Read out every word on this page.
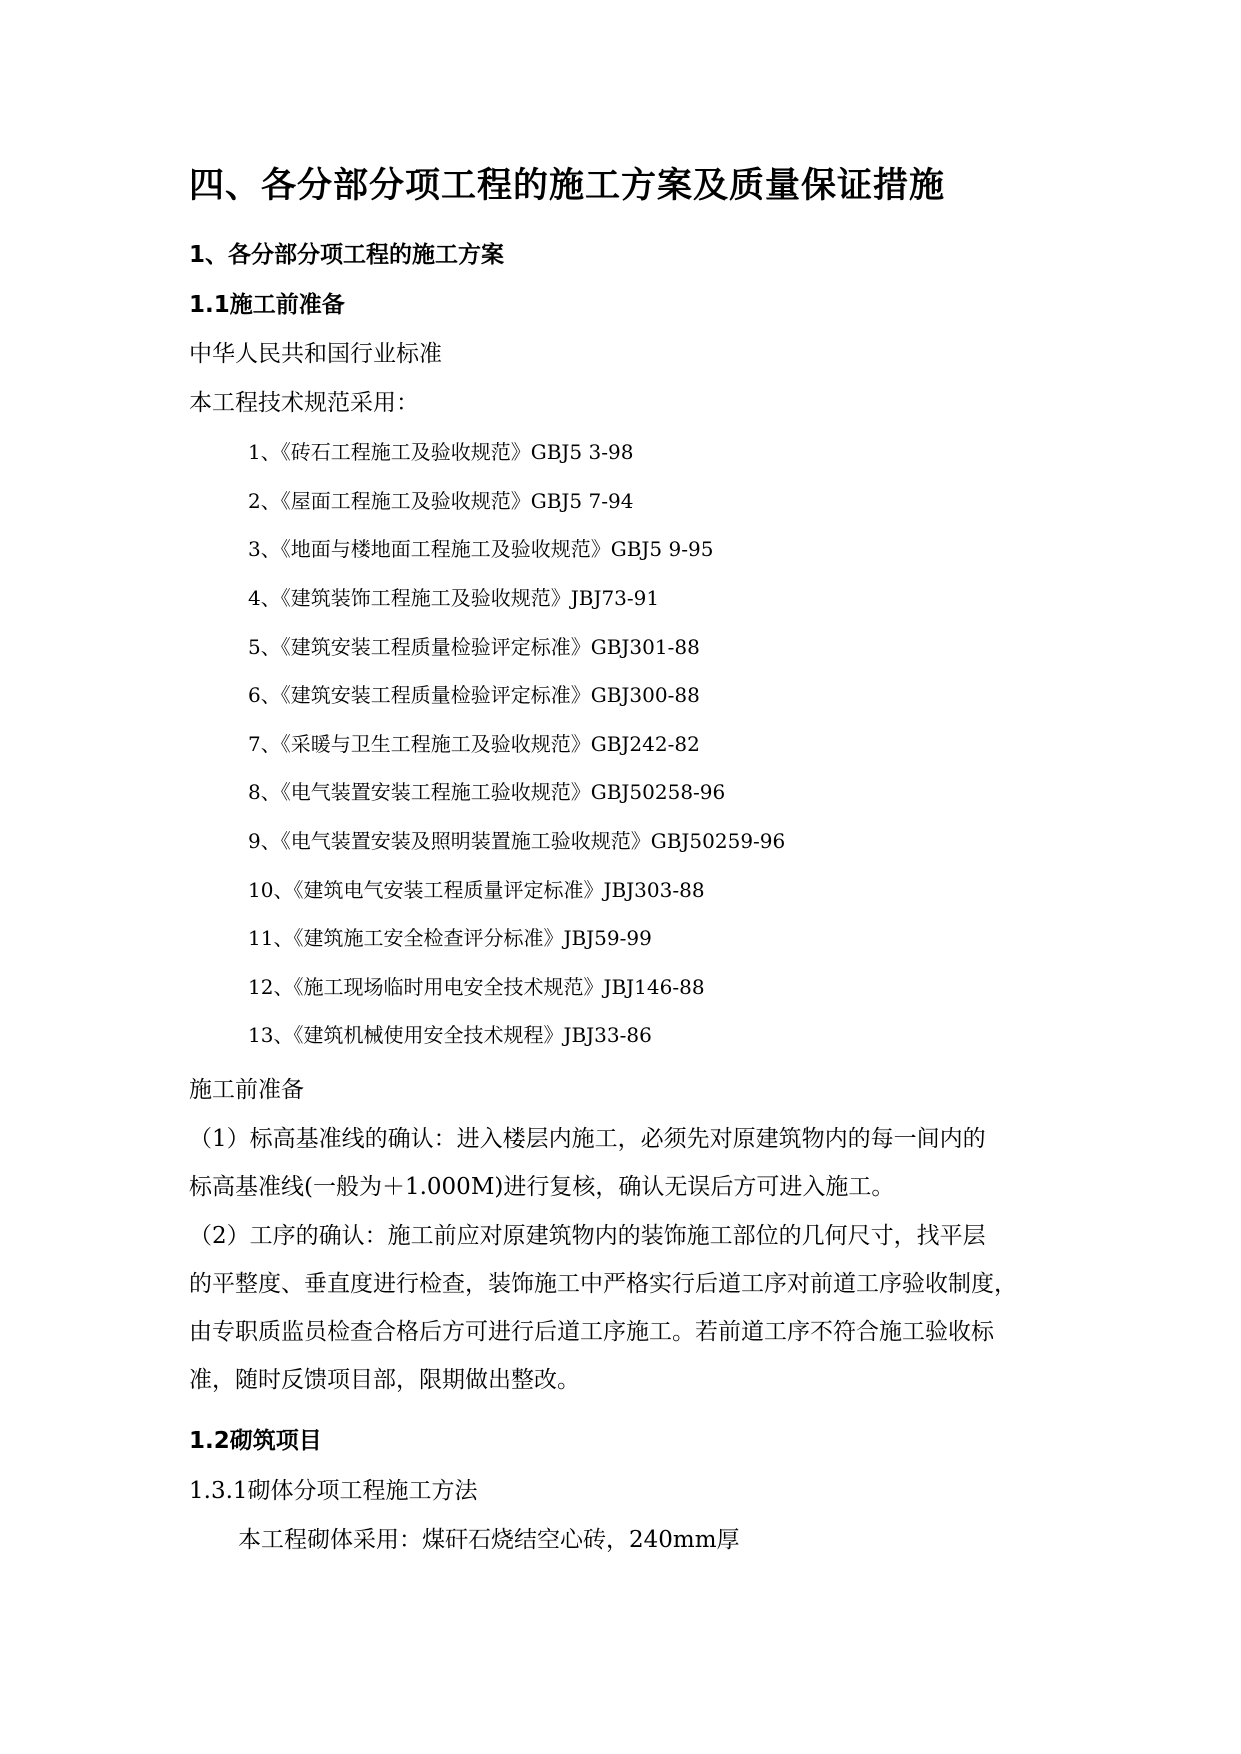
四、各分部分项工程的施工方案及质量保证措施
1、各分部分项工程的施工方案
1.1施工前准备
中华人民共和国行业标准
本工程技术规范采用：
1、《砖石工程施工及验收规范》GBJ5 3-98
2、《屋面工程施工及验收规范》GBJ5 7-94
3、《地面与楼地面工程施工及验收规范》GBJ5 9-95
4、《建筑装饰工程施工及验收规范》JBJ73-91
5、《建筑安装工程质量检验评定标准》GBJ301-88
6、《建筑安装工程质量检验评定标准》GBJ300-88
7、《采暖与卫生工程施工及验收规范》GBJ242-82
8、《电气装置安装工程施工验收规范》GBJ50258-96
9、《电气装置安装及照明装置施工验收规范》GBJ50259-96
10、《建筑电气安装工程质量评定标准》JBJ303-88
11、《建筑施工安全检查评分标准》JBJ59-99
12、《施工现场临时用电安全技术规范》JBJ146-88
13、《建筑机械使用安全技术规程》JBJ33-86
施工前准备
（1）标高基准线的确认：进入楼层内施工，必须先对原建筑物内的每一间内的
标高基准线(一般为＋1.000M)进行复核，确认无误后方可进入施工。
（2）工序的确认：施工前应对原建筑物内的装饰施工部位的几何尺寸，找平层
的平整度、垂直度进行检查，装饰施工中严格实行后道工序对前道工序验收制度，
由专职质监员检查合格后方可进行后道工序施工。若前道工序不符合施工验收标
准，随时反馈项目部，限期做出整改。
1.2砌筑项目
1.3.1砌体分项工程施工方法
本工程砌体采用：煤矸石烧结空心砖，240mm厚
